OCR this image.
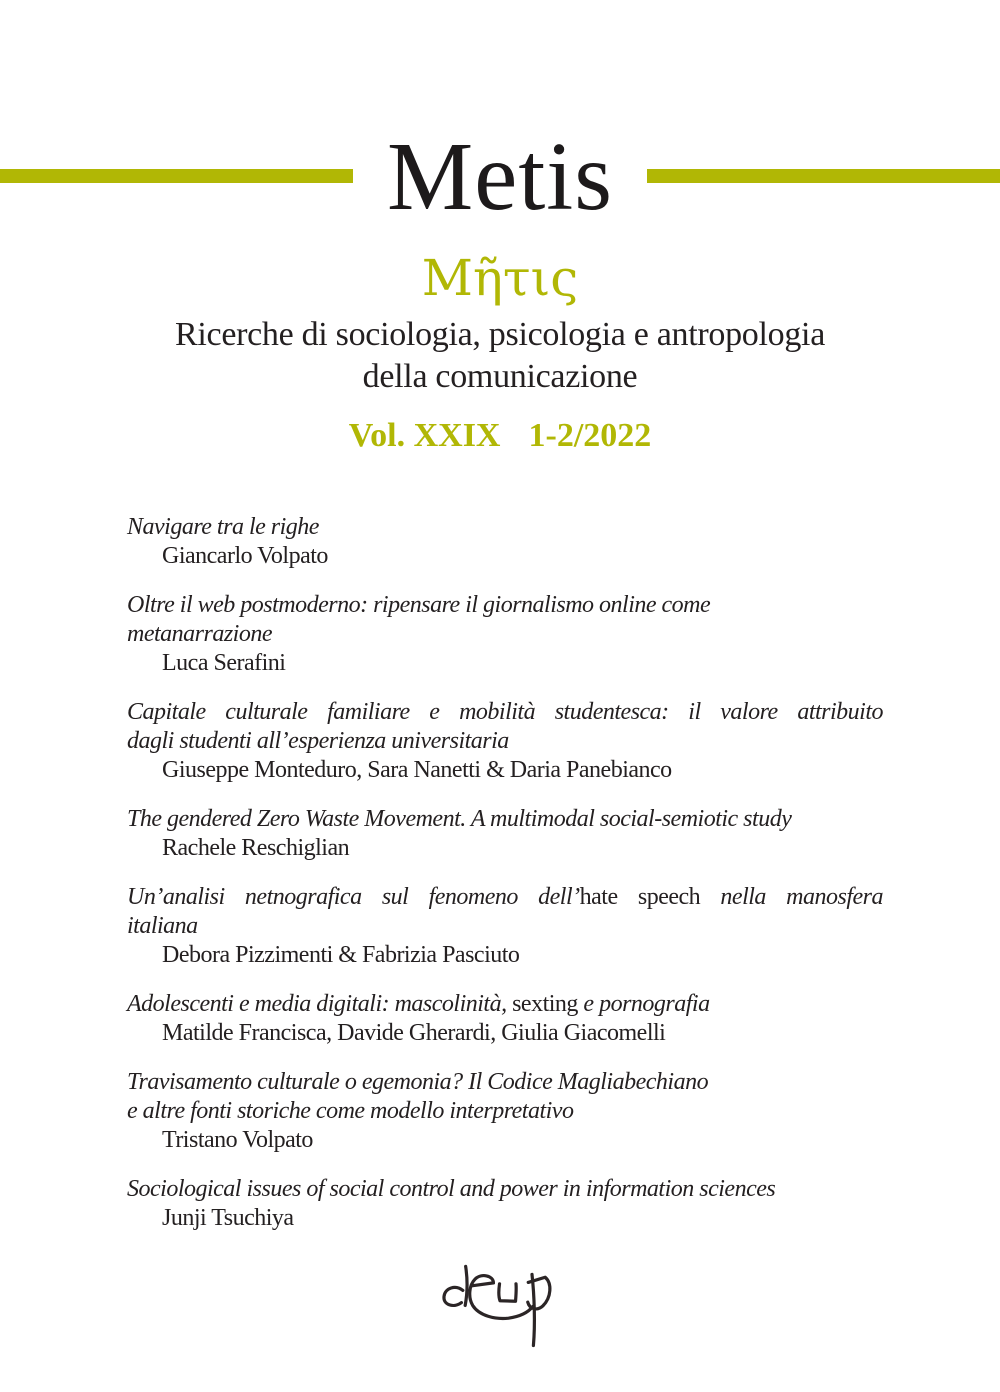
Metis
Μῆτις
Ricerche di sociologia, psicologia e antropologia
della comunicazione
Vol. XXIX 1-2/2022
Navigare tra le righe
Giancarlo Volpato
Oltre il web postmoderno: ripensare il giornalismo online come
metanarrazione
Luca Serafini
Capitale culturale familiare e mobilità studentesca: il valore attribuito
dagli studenti all’esperienza universitaria
Giuseppe Monteduro, Sara Nanetti & Daria Panebianco
The gendered Zero Waste Movement. A multimodal social-semiotic study
Rachele Reschiglian
Un’analisi netnografica sul fenomeno dell’hate speech nella manosfera
italiana
Debora Pizzimenti & Fabrizia Pasciuto
Adolescenti e media digitali: mascolinità, sexting e pornografia
Matilde Francisca, Davide Gherardi, Giulia Giacomelli
Travisamento culturale o egemonia? Il Codice Magliabechiano
e altre fonti storiche come modello interpretativo
Tristano Volpato
Sociological issues of social control and power in information sciences
Junji Tsuchiya
